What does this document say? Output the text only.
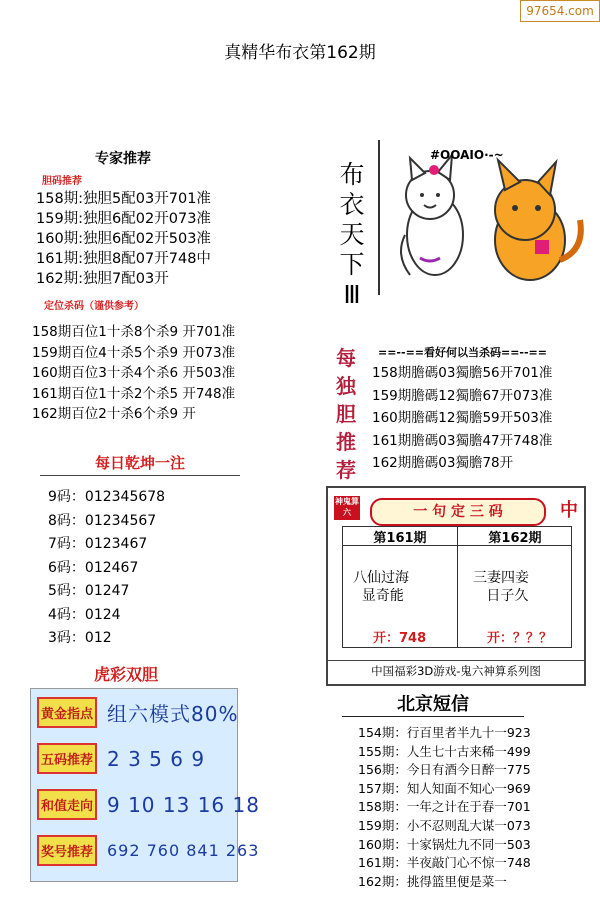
97654.com
真精华布衣第162期
专家推荐
胆码推荐
158期:独胆5配03开701准
159期:独胆6配02开073准
160期:独胆6配02开503准
161期:独胆8配07开748中
162期:独胆7配03开
定位杀码（谨供参考）
158期百位1十杀8个杀9 开701准
159期百位4十杀5个杀9 开073准
160期百位3十杀4个杀6 开503准
161期百位1十杀2个杀5 开748准
162期百位2十杀6个杀9 开
每日乾坤一注
9码：012345678
8码：01234567
7码：0123467
6码：012467
5码：01247
4码：0124
3码：012
虎彩双胆
黄金指点 组六模式80%
五码推荐 2 3 5 6 9
和值走向 9 10 13 16 18
奖号推荐 692 760 841 263
布
衣
天
下
Ⅲ
#OOAIO·-~
每
独
胆
推
荐
==--==看好何以当杀码==--==
158期膽碼03獨膽56开701准
159期膽碼12獨膽67开073准
160期膽碼12獨膽59开503准
161期膽碼03獨膽47开748准
162期膽碼03獨膽78开
神鬼算六	一 句 定 三 码	中
第161期	第162期
八仙过海
显奇能
三妻四妾
日子久
开：748	开：？？？
中国福彩3D游戏-鬼六神算系列图
北京短信
154期：行百里者半九十一923
155期：人生七十古来稀一499
156期：今日有酒今日醉一775
157期：知人知面不知心一969
158期：一年之计在于春一701
159期：小不忍则乱大谋一073
160期：十家锅灶九不同一503
161期：半夜敲门心不惊一748
162期：挑得篮里便是菜一
